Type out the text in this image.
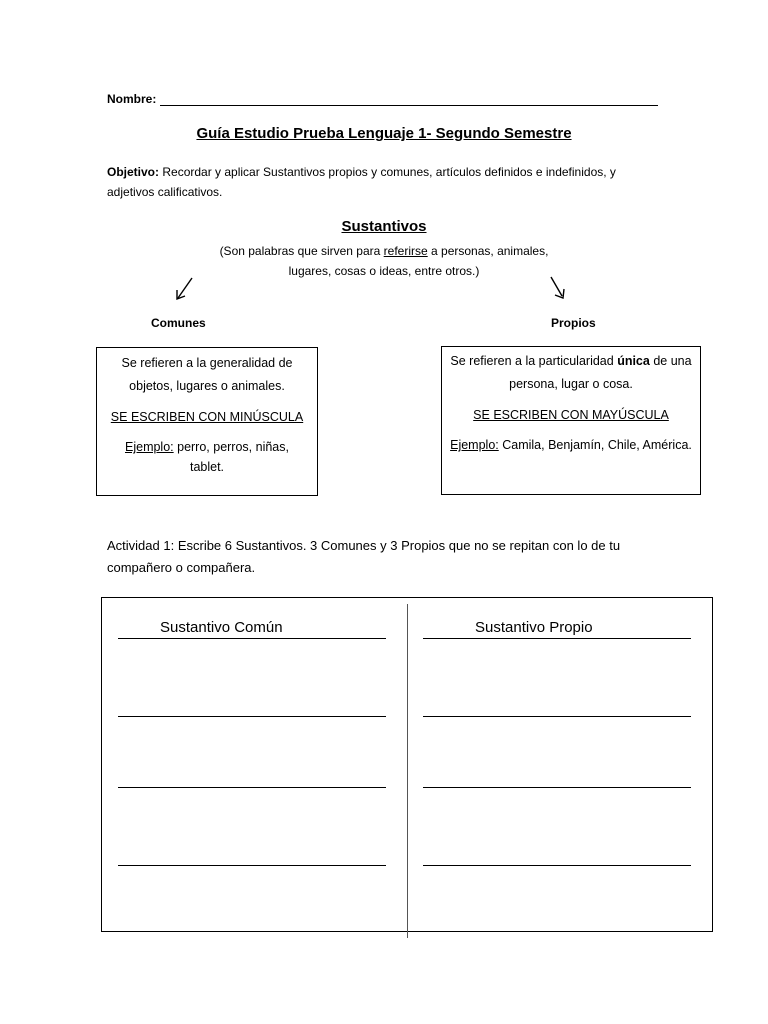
Nombre:
Guía Estudio Prueba Lenguaje 1- Segundo Semestre
Objetivo: Recordar y aplicar Sustantivos propios y comunes, artículos definidos e indefinidos, y
adjetivos calificativos.
Sustantivos
(Son palabras que sirven para referirse a personas, animales,
lugares, cosas o ideas, entre otros.)
Comunes	Propios

Se refieren a la generalidad de objetos, lugares o animales.

SE ESCRIBEN CON MINÚSCULA

Ejemplo: perro, perros, niñas, tablet.

Se refieren a la particularidad única de una persona, lugar o cosa.

SE ESCRIBEN CON MAYÚSCULA

Ejemplo: Camila, Benjamín, Chile, América.

Actividad 1: Escribe 6 Sustantivos. 3 Comunes y 3 Propios que no se repitan con lo de tu compañero o compañera.
Sustantivo Común	Sustantivo Propio
